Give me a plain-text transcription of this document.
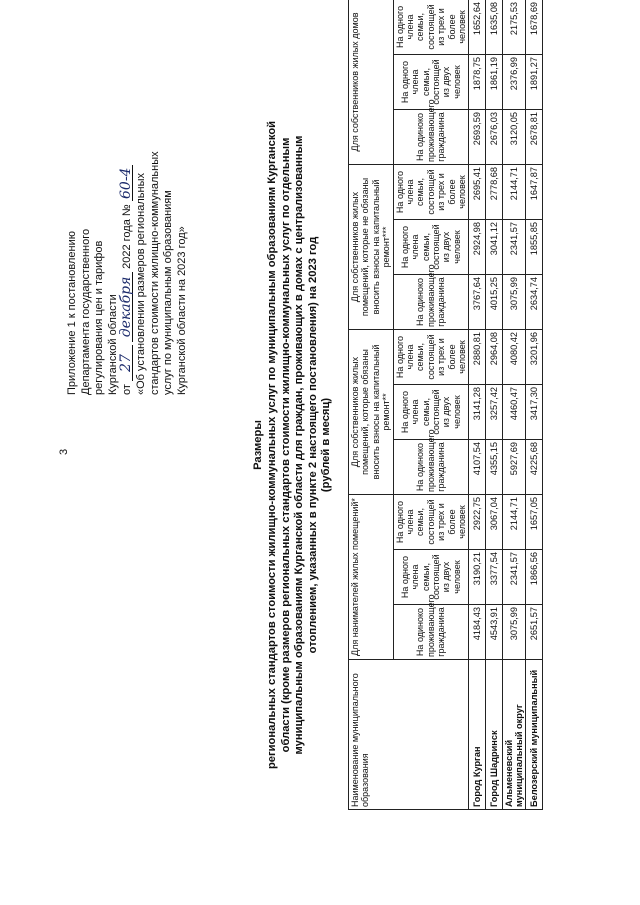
3
Приложение 1 к постановлению Департамента государственного регулирования цен и тарифов Курганской области от 27 декабря 2022 года № 60-4 «Об установлении размеров региональных стандартов стоимости жилищно-коммунальных услуг по муниципальным образованиям Курганской области на 2023 год»
Размеры региональных стандартов стоимости жилищно-коммунальных услуг по муниципальным образованиям Курганской области (кроме размеров региональных стандартов стоимости жилищно-коммунальных услуг по отдельным муниципальным образованиям Курганской области для граждан, проживающих в домах с централизованным отоплением, указанных в пункте 2 настоящего постановления) на 2023 год (рублей в месяц)
Наименование муниципального образования	Для нанимателей жилых помещений*			Для собственников жилых помещений, которые обязаны вносить взносы на капитальный ремонт**			Для собственников жилых помещений, которые не обязаны вносить взносы на капитальный ремонт***			Для собственников жилых домов		
	На одиноко проживающего гражданина	На одного члена семьи, состоящей из двух человек	На одного члена семьи, состоящей из трех и более человек	На одиноко проживающего гражданина	На одного члена семьи, состоящей из двух человек	На одного члена семьи, состоящей из трех и более человек	На одиноко проживающего гражданина	На одного члена семьи, состоящей из двух человек	На одного члена семьи, состоящей из трех и более человек	На одиноко проживающего гражданина	На одного члена семьи, состоящей из двух человек	На одного члена семьи, состоящей из трех и более человек
Город Курган	4184,43	3190,21	2922,75	4107,54	3141,28	2880,81	3767,64	2924,98	2695,41	2693,59	1878,75	1652,64
Город Шадринск	4543,91	3377,54	3067,04	4355,15	3257,42	2964,08	4015,25	3041,12	2778,68	2676,03	1861,19	1635,08
Альменевский муниципальный округ	3075,99	2341,57	2144,71	5927,69	4460,47	4080,42	3075,99	2341,57	2144,71	3120,05	2376,99	2175,53
Белозерский муниципальный	2651,57	1866,56	1657,05	4225,68	3417,30	3201,96	2634,74	1855,85	1647,87	2678,81	1891,27	1678,69
